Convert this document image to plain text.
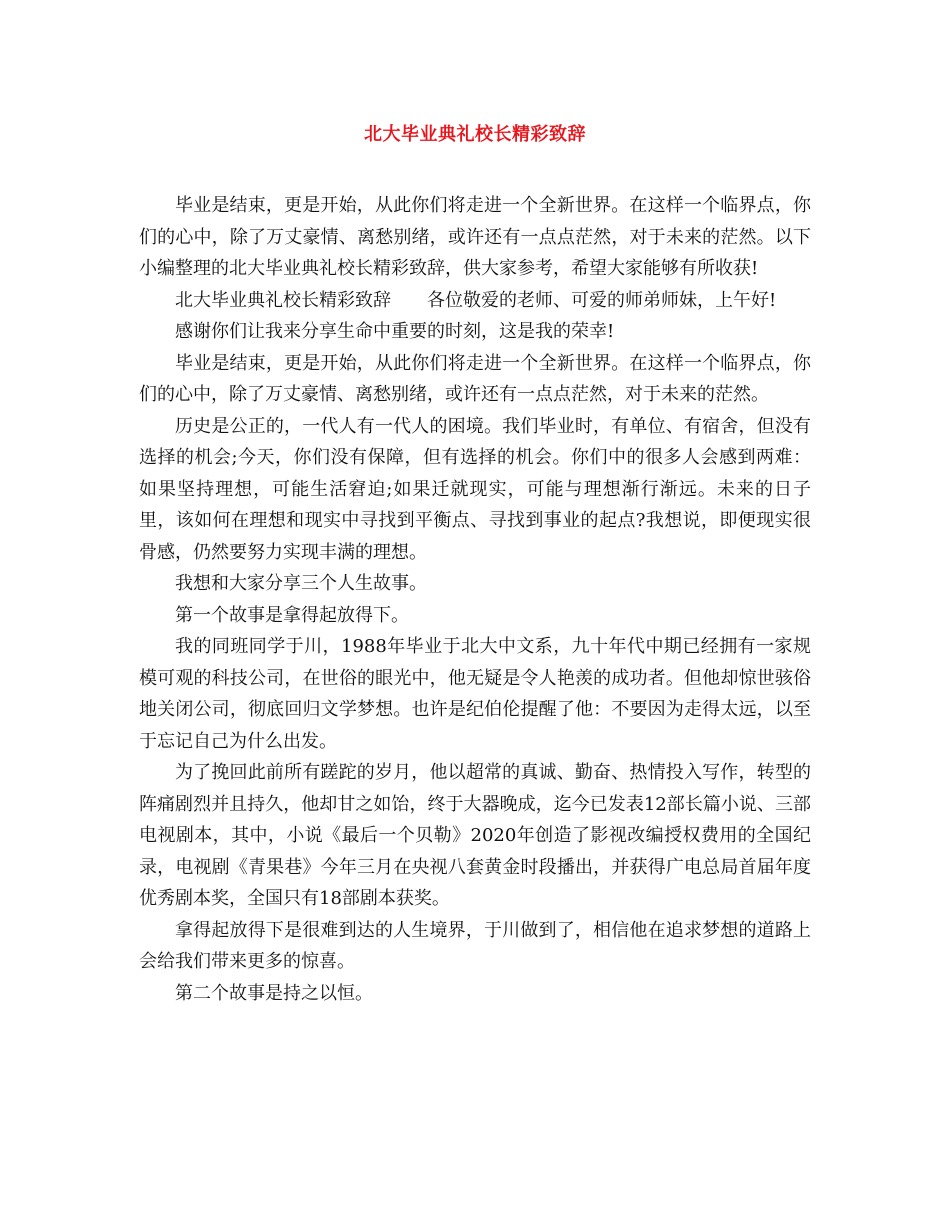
北大毕业典礼校长精彩致辞

毕业是结束，更是开始，从此你们将走进一个全新世界。在这样一个临界点，你们的心中，除了万丈豪情、离愁别绪，或许还有一点点茫然，对于未来的茫然。以下小编整理的北大毕业典礼校长精彩致辞，供大家参考，希望大家能够有所收获!

北大毕业典礼校长精彩致辞　　各位敬爱的老师、可爱的师弟师妹，上午好!

感谢你们让我来分享生命中重要的时刻，这是我的荣幸!

毕业是结束，更是开始，从此你们将走进一个全新世界。在这样一个临界点，你们的心中，除了万丈豪情、离愁别绪，或许还有一点点茫然，对于未来的茫然。

历史是公正的，一代人有一代人的困境。我们毕业时，有单位、有宿舍，但没有选择的机会;今天，你们没有保障，但有选择的机会。你们中的很多人会感到两难：如果坚持理想，可能生活窘迫;如果迁就现实，可能与理想渐行渐远。未来的日子里，该如何在理想和现实中寻找到平衡点、寻找到事业的起点?我想说，即便现实很骨感，仍然要努力实现丰满的理想。

我想和大家分享三个人生故事。

第一个故事是拿得起放得下。

我的同班同学于川，1988年毕业于北大中文系，九十年代中期已经拥有一家规模可观的科技公司，在世俗的眼光中，他无疑是令人艳羡的成功者。但他却惊世骇俗地关闭公司，彻底回归文学梦想。也许是纪伯伦提醒了他：不要因为走得太远，以至于忘记自己为什么出发。

为了挽回此前所有蹉跎的岁月，他以超常的真诚、勤奋、热情投入写作，转型的阵痛剧烈并且持久，他却甘之如饴，终于大器晚成，迄今已发表12部长篇小说、三部电视剧本，其中，小说《最后一个贝勒》2020年创造了影视改编授权费用的全国纪录，电视剧《青果巷》今年三月在央视八套黄金时段播出，并获得广电总局首届年度优秀剧本奖，全国只有18部剧本获奖。

拿得起放得下是很难到达的人生境界，于川做到了，相信他在追求梦想的道路上会给我们带来更多的惊喜。

第二个故事是持之以恒。
